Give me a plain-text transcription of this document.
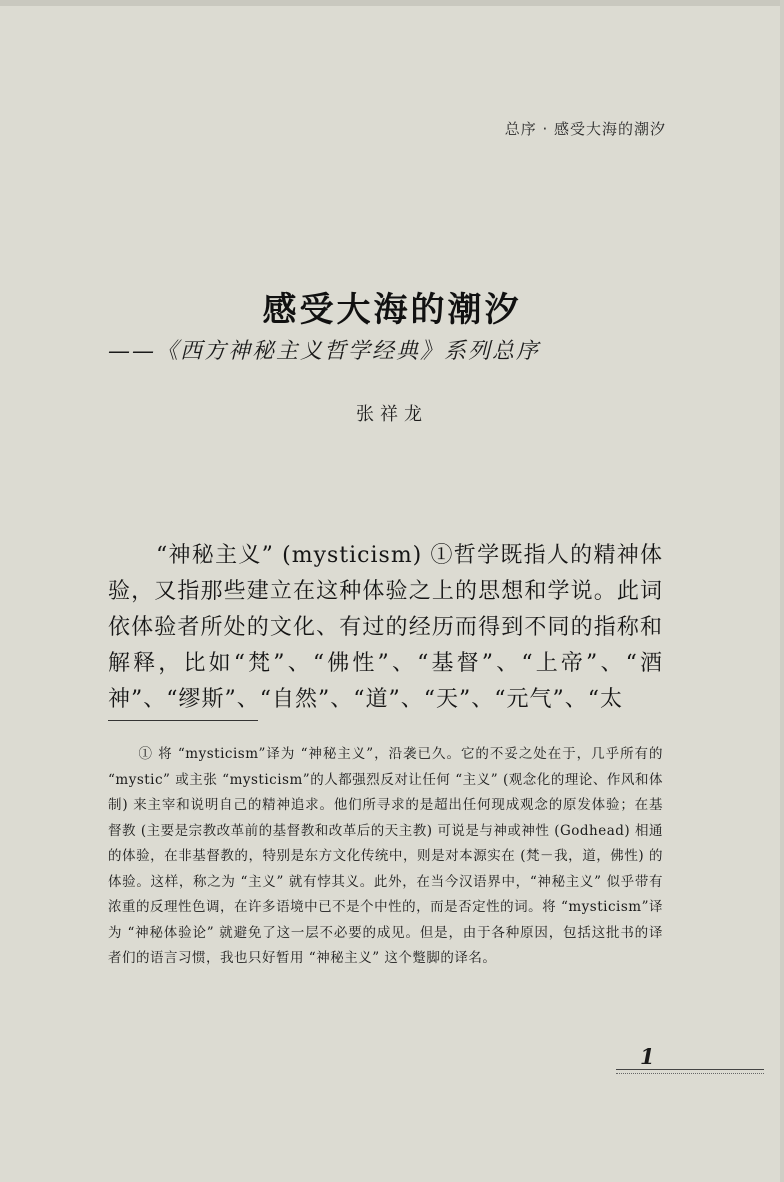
总序 · 感受大海的潮汐
感受大海的潮汐
——《西方神秘主义哲学经典》系列总序
张祥龙
“神秘主义” (mysticism) ①哲学既指人的精神体验，又指那些建立在这种体验之上的思想和学说。此词依体验者所处的文化、有过的经历而得到不同的指称和解释，比如“梵”、“佛性”、“基督”、“上帝”、“酒神”、“缪斯”、“自然”、“道”、“天”、“元气”、“太
① 将 “mysticism”译为 “神秘主义”，沿袭已久。它的不妥之处在于，几乎所有的 “mystic” 或主张 “mysticism”的人都强烈反对让任何 “主义” (观念化的理论、作风和体制) 来主宰和说明自己的精神追求。他们所寻求的是超出任何现成观念的原发体验；在基督教 (主要是宗教改革前的基督教和改革后的天主教) 可说是与神或神性 (Godhead) 相通的体验，在非基督教的，特别是东方文化传统中，则是对本源实在 (梵－我，道，佛性) 的体验。这样，称之为 “主义” 就有悖其义。此外，在当今汉语界中，“神秘主义” 似乎带有浓重的反理性色调，在许多语境中已不是个中性的，而是否定性的词。将 “mysticism”译为 “神秘体验论” 就避免了这一层不必要的成见。但是，由于各种原因，包括这批书的译者们的语言习惯，我也只好暂用 “神秘主义” 这个蹩脚的译名。
1
